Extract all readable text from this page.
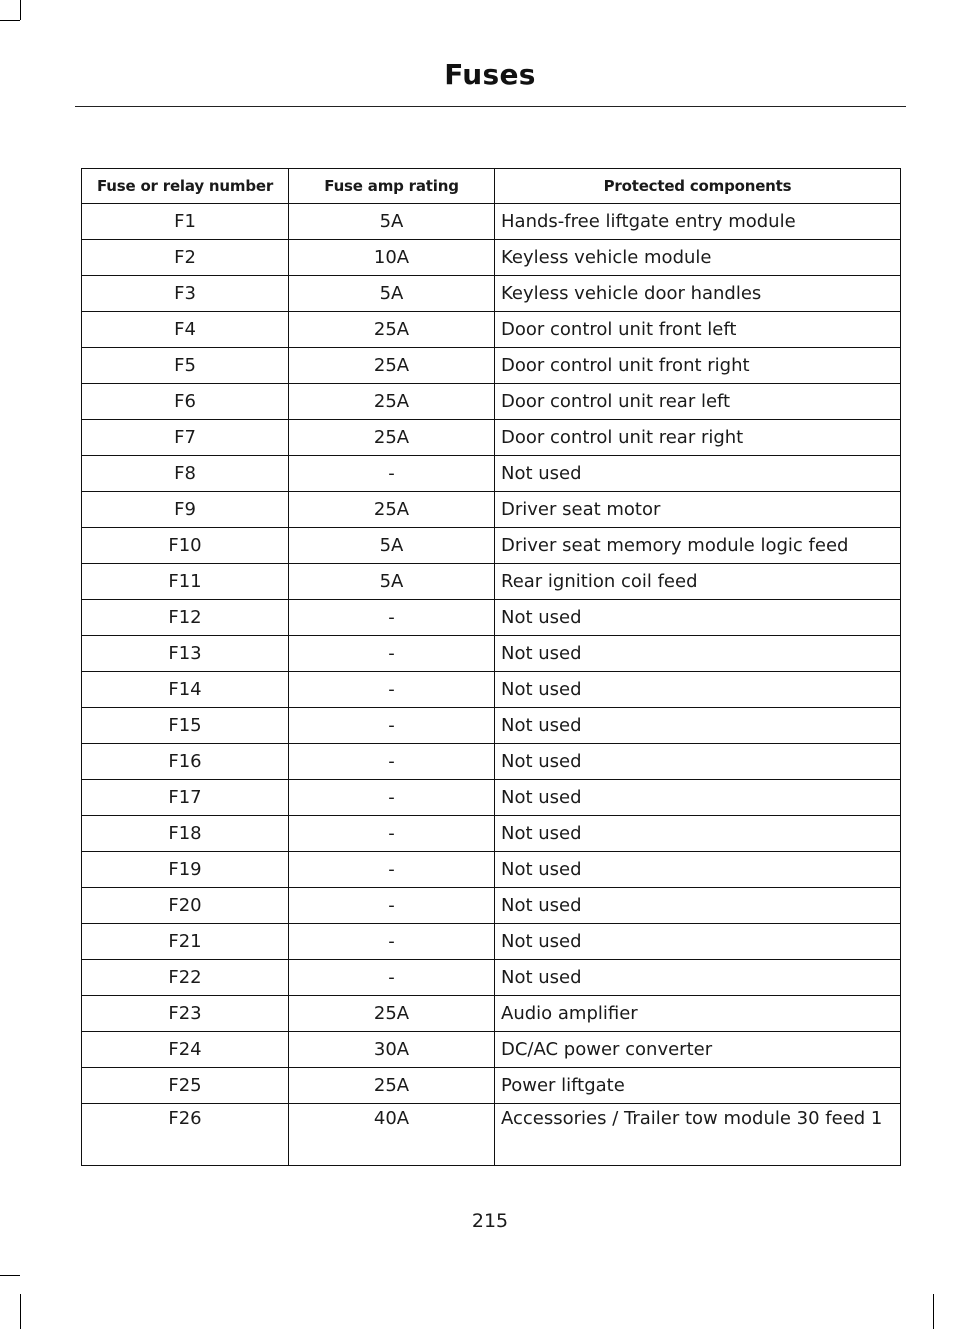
Fuses
Fuse or relay number	Fuse amp rating	Protected components
F1	5A	Hands-free liftgate entry module
F2	10A	Keyless vehicle module
F3	5A	Keyless vehicle door handles
F4	25A	Door control unit front left
F5	25A	Door control unit front right
F6	25A	Door control unit rear left
F7	25A	Door control unit rear right
F8	-	Not used
F9	25A	Driver seat motor
F10	5A	Driver seat memory module logic feed
F11	5A	Rear ignition coil feed
F12	-	Not used
F13	-	Not used
F14	-	Not used
F15	-	Not used
F16	-	Not used
F17	-	Not used
F18	-	Not used
F19	-	Not used
F20	-	Not used
F21	-	Not used
F22	-	Not used
F23	25A	Audio amplifier
F24	30A	DC/AC power converter
F25	25A	Power liftgate
F26	40A	Accessories / Trailer tow module 30 feed 1
215
